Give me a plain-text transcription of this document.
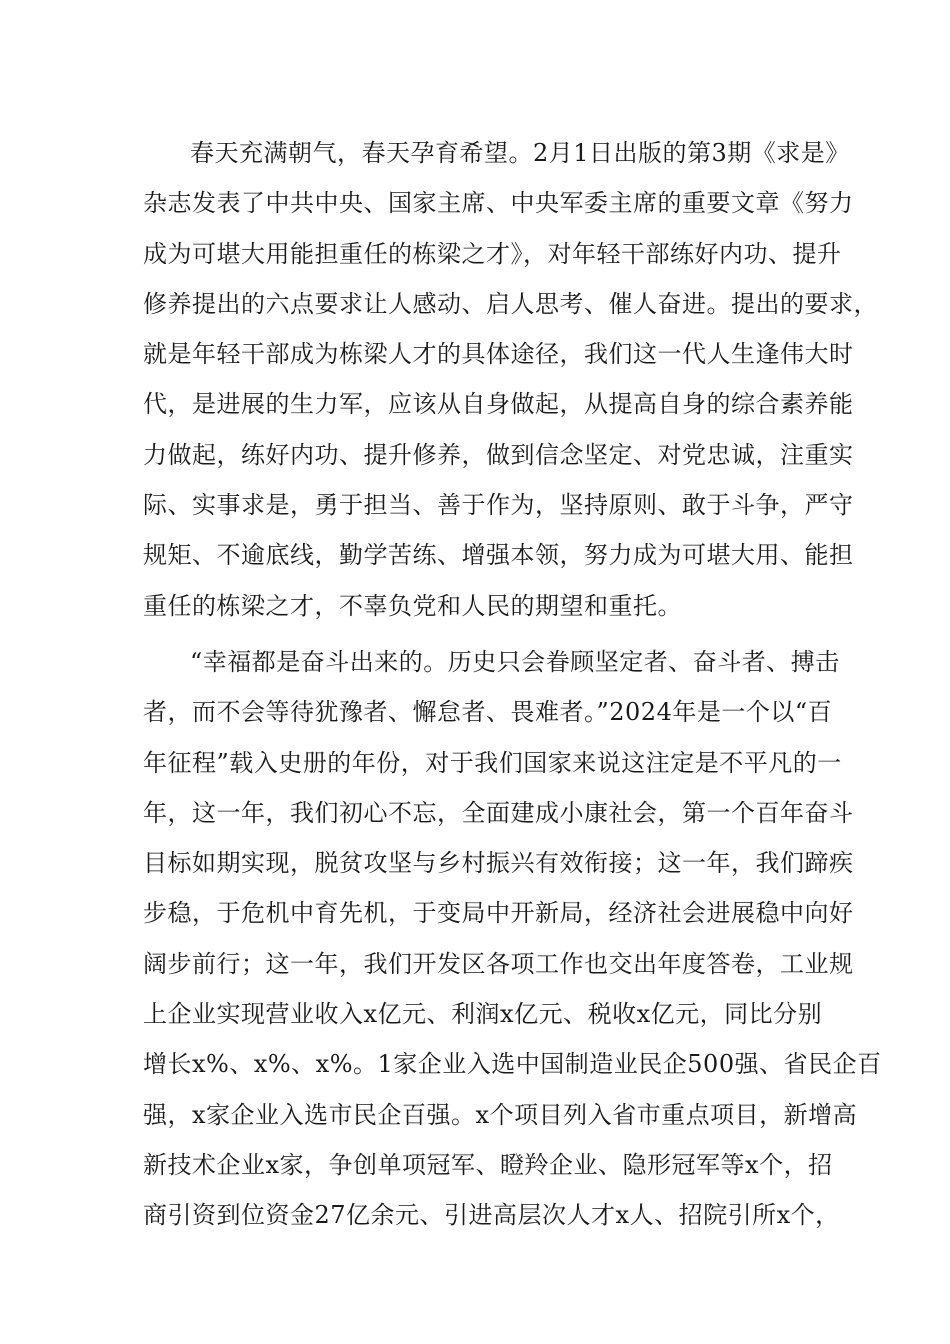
春天充满朝气，春天孕育希望。2月1日出版的第3期《求是》
杂志发表了中共中央、国家主席、中央军委主席的重要文章《努力
成为可堪大用能担重任的栋梁之才》，对年轻干部练好内功、提升
修养提出的六点要求让人感动、启人思考、催人奋进。提出的要求，
就是年轻干部成为栋梁人才的具体途径，我们这一代人生逢伟大时
代，是进展的生力军，应该从自身做起，从提高自身的综合素养能
力做起，练好内功、提升修养，做到信念坚定、对党忠诚，注重实
际、实事求是，勇于担当、善于作为，坚持原则、敢于斗争，严守
规矩、不逾底线，勤学苦练、增强本领，努力成为可堪大用、能担
重任的栋梁之才，不辜负党和人民的期望和重托。
“幸福都是奋斗出来的。历史只会眷顾坚定者、奋斗者、搏击
者，而不会等待犹豫者、懈怠者、畏难者。”2024年是一个以“百
年征程”载入史册的年份，对于我们国家来说这注定是不平凡的一
年，这一年，我们初心不忘，全面建成小康社会，第一个百年奋斗
目标如期实现，脱贫攻坚与乡村振兴有效衔接；这一年，我们蹄疾
步稳，于危机中育先机，于变局中开新局，经济社会进展稳中向好
阔步前行；这一年，我们开发区各项工作也交出年度答卷，工业规
上企业实现营业收入x亿元、利润x亿元、税收x亿元，同比分别
增长x%、x%、x%。1家企业入选中国制造业民企500强、省民企百
强，x家企业入选市民企百强。x个项目列入省市重点项目，新增高
新技术企业x家，争创单项冠军、瞪羚企业、隐形冠军等x个，招
商引资到位资金27亿余元、引进高层次人才x人、招院引所x个，
